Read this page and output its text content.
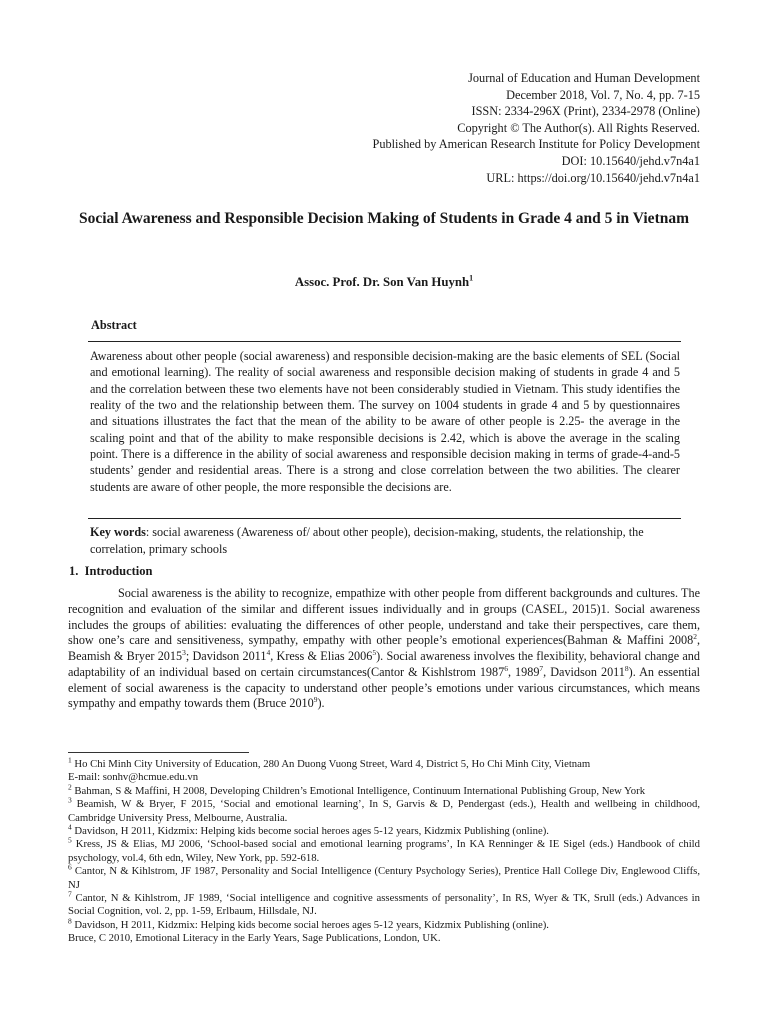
Journal of Education and Human Development
December 2018, Vol. 7, No. 4, pp. 7-15
ISSN: 2334-296X (Print), 2334-2978 (Online)
Copyright © The Author(s). All Rights Reserved.
Published by American Research Institute for Policy Development
DOI: 10.15640/jehd.v7n4a1
URL: https://doi.org/10.15640/jehd.v7n4a1
Social Awareness and Responsible Decision Making of Students in Grade 4 and 5 in Vietnam
Assoc. Prof. Dr. Son Van Huynh$^1$
Abstract
Awareness about other people (social awareness) and responsible decision-making are the basic elements of SEL (Social and emotional learning). The reality of social awareness and responsible decision making of students in grade 4 and 5 and the correlation between these two elements have not been considerably studied in Vietnam. This study identifies the reality of the two and the relationship between them. The survey on 1004 students in grade 4 and 5 by questionnaires and situations illustrates the fact that the mean of the ability to be aware of other people is 2.25- the average in the scaling point and that of the ability to make responsible decisions is 2.42, which is above the average in the scaling point. There is a difference in the ability of social awareness and responsible decision making in terms of grade-4-and-5 students’ gender and residential areas. There is a strong and close correlation between the two abilities. The clearer students are aware of other people, the more responsible the decisions are.
Key words: social awareness (Awareness of/ about other people), decision-making, students, the relationship, the correlation, primary schools
1. Introduction
Social awareness is the ability to recognize, empathize with other people from different backgrounds and cultures. The recognition and evaluation of the similar and different issues individually and in groups (CASEL, 2015)1. Social awareness includes the groups of abilities: evaluating the differences of other people, understand and take their perspectives, care them, show one’s care and sensitiveness, sympathy, empathy with other people’s emotional experiences(Bahman & Maffini 2008$^2$, Beamish & Bryer 2015$^3$; Davidson 2011$^4$, Kress & Elias 2006$^5$). Social awareness involves the flexibility, behavioral change and adaptability of an individual based on certain circumstances(Cantor & Kishlstrom 1987$^6$, 1989$^7$, Davidson 2011$^8$). An essential element of social awareness is the capacity to understand other people’s emotions under various circumstances, which means sympathy and empathy towards them (Bruce 2010$^9$).
$^1$ Ho Chi Minh City University of Education, 280 An Duong Vuong Street, Ward 4, District 5, Ho Chi Minh City, Vietnam
E-mail: sonhv@hcmue.edu.vn
$^2$ Bahman, S & Maffini, H 2008, Developing Children’s Emotional Intelligence, Continuum International Publishing Group, New York
$^3$ Beamish, W & Bryer, F 2015, ‘Social and emotional learning’, In S, Garvis & D, Pendergast (eds.), Health and wellbeing in childhood, Cambridge University Press, Melbourne, Australia.
$^4$ Davidson, H 2011, Kidzmix: Helping kids become social heroes ages 5-12 years, Kidzmix Publishing (online).
$^5$ Kress, JS & Elias, MJ 2006, ‘School-based social and emotional learning programs’, In KA Renninger & IE Sigel (eds.) Handbook of child psychology, vol.4, 6th edn, Wiley, New York, pp. 592-618.
$^6$ Cantor, N & Kihlstrom, JF 1987, Personality and Social Intelligence (Century Psychology Series), Prentice Hall College Div, Englewood Cliffs, NJ
$^7$ Cantor, N & Kihlstrom, JF 1989, ‘Social intelligence and cognitive assessments of personality’, In RS, Wyer & TK, Srull (eds.) Advances in Social Cognition, vol. 2, pp. 1-59, Erlbaum, Hillsdale, NJ.
$^8$ Davidson, H 2011, Kidzmix: Helping kids become social heroes ages 5-12 years, Kidzmix Publishing (online).
Bruce, C 2010, Emotional Literacy in the Early Years, Sage Publications, London, UK.
